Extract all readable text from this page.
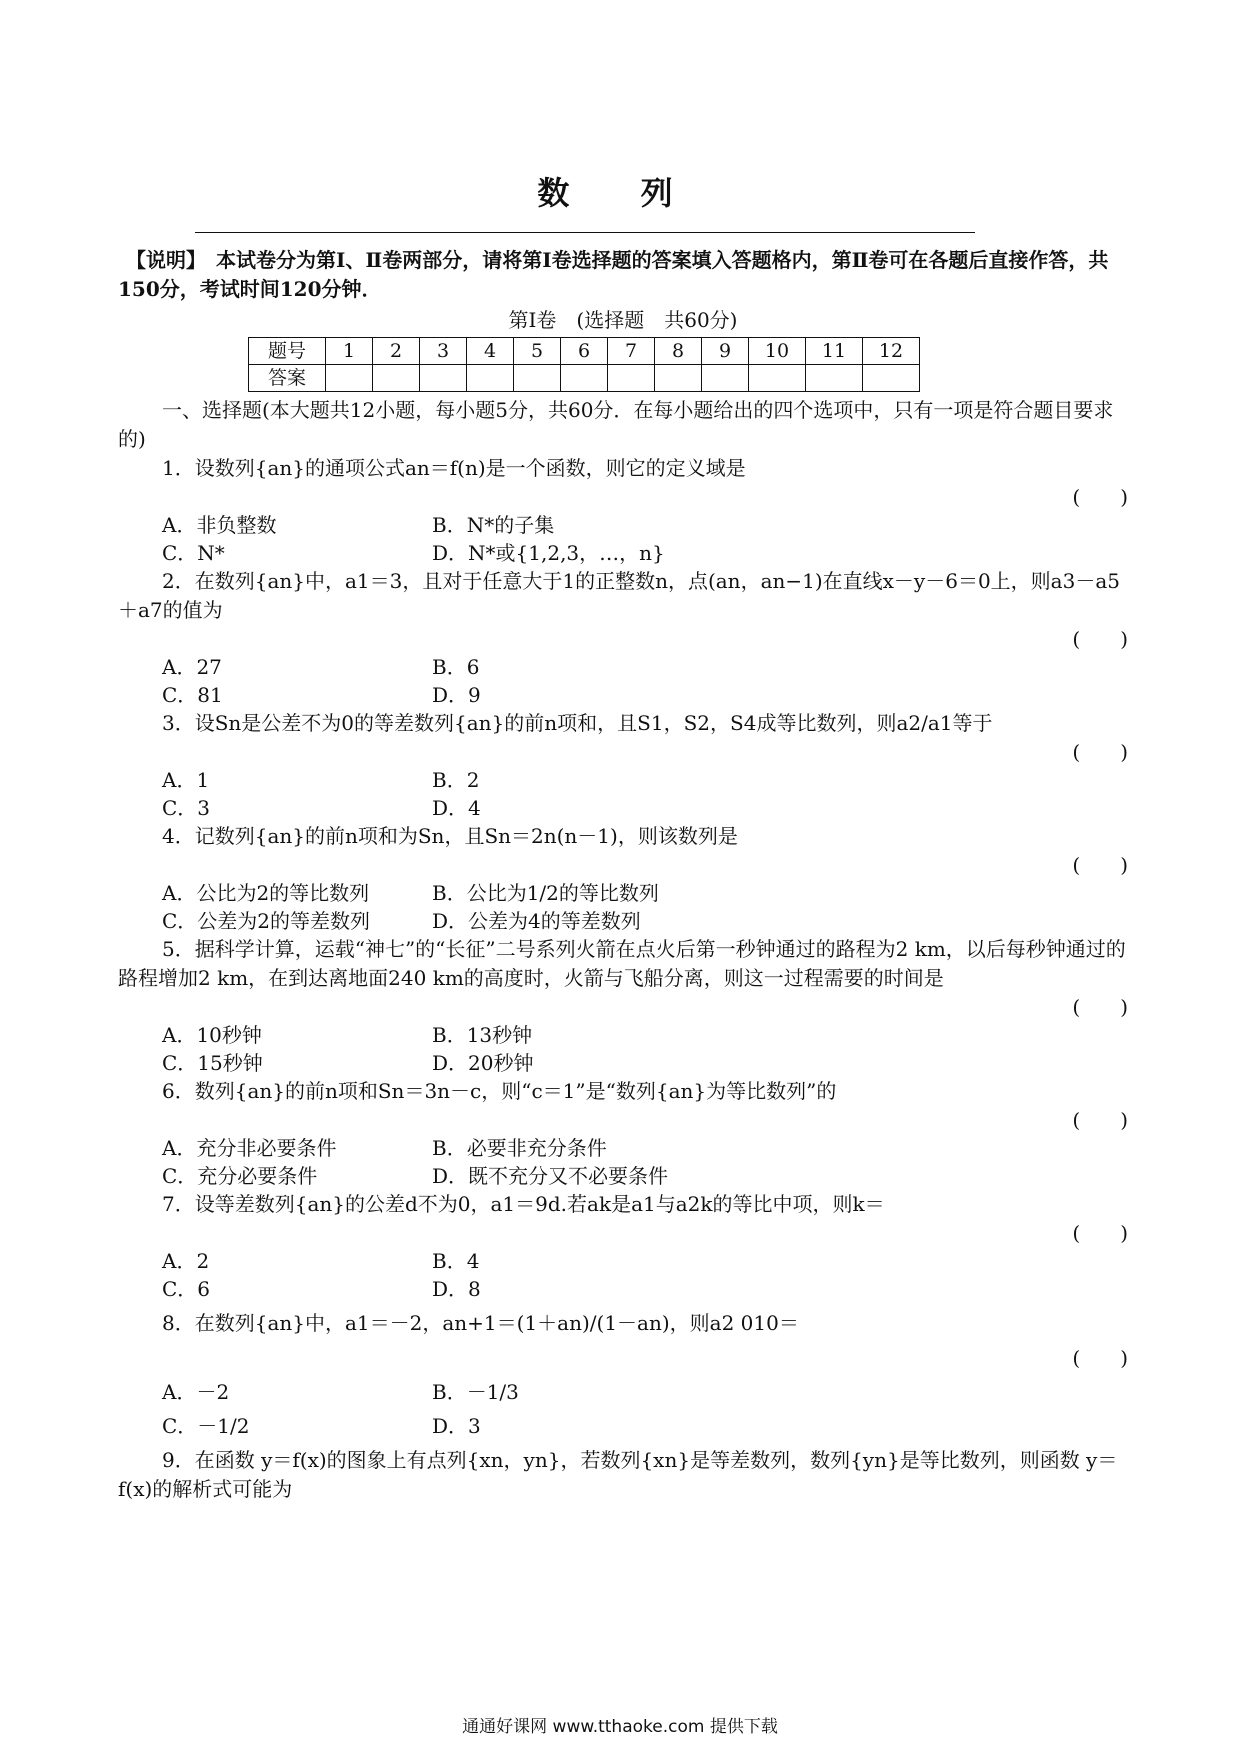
数 列

【说明】　本试卷分为第Ⅰ、Ⅱ卷两部分，请将第Ⅰ卷选择题的答案填入答题格内，第Ⅱ卷可在各题后直接作答，共150分，考试时间120分钟．

第Ⅰ卷　(选择题　共60分)

题号	1	2	3	4	5	6	7	8	9	10	11	12
答案												

一、选择题(本大题共12小题，每小题5分，共60分．在每小题给出的四个选项中，只有一项是符合题目要求的)

1．设数列{an}的通项公式an＝f(n)是一个函数，则它的定义域是

(　　)

A．非负整数	B．N*的子集
C．N*	D．N*或{1,2,3，…，n}

2．在数列{an}中，a1＝3，且对于任意大于1的正整数n，点(an，an−1)在直线x－y－6＝0上，则a3－a5＋a7的值为

(　　)

A．27	B．6
C．81	D．9

3．设Sn是公差不为0的等差数列{an}的前n项和，且S1，S2，S4成等比数列，则a2/a1等于

(　　)

A．1	B．2
C．3	D．4

4．记数列{an}的前n项和为Sn，且Sn＝2n(n－1)，则该数列是

(　　)

A．公比为2的等比数列	B．公比为1/2的等比数列
C．公差为2的等差数列	D．公差为4的等差数列

5．据科学计算，运载“神七”的“长征”二号系列火箭在点火后第一秒钟通过的路程为2 km，以后每秒钟通过的路程增加2 km，在到达离地面240 km的高度时，火箭与飞船分离，则这一过程需要的时间是

(　　)

A．10秒钟	B．13秒钟
C．15秒钟	D．20秒钟

6．数列{an}的前n项和Sn＝3n－c，则“c＝1”是“数列{an}为等比数列”的

(　　)

A．充分非必要条件	B．必要非充分条件
C．充分必要条件	D．既不充分又不必要条件

7．设等差数列{an}的公差d不为0，a1＝9d.若ak是a1与a2k的等比中项，则k＝

(　　)

A．2	B．4
C．6	D．8

8．在数列{an}中，a1＝－2，an+1＝(1＋an)/(1－an)，则a2 010＝

(　　)

A．－2	B．－1/3
C．－1/2	D．3

9．在函数 y＝f(x)的图象上有点列{xn，yn}，若数列{xn}是等差数列，数列{yn}是等比数列，则函数 y＝f(x)的解析式可能为

通通好课网 www.tthaoke.com 提供下载
